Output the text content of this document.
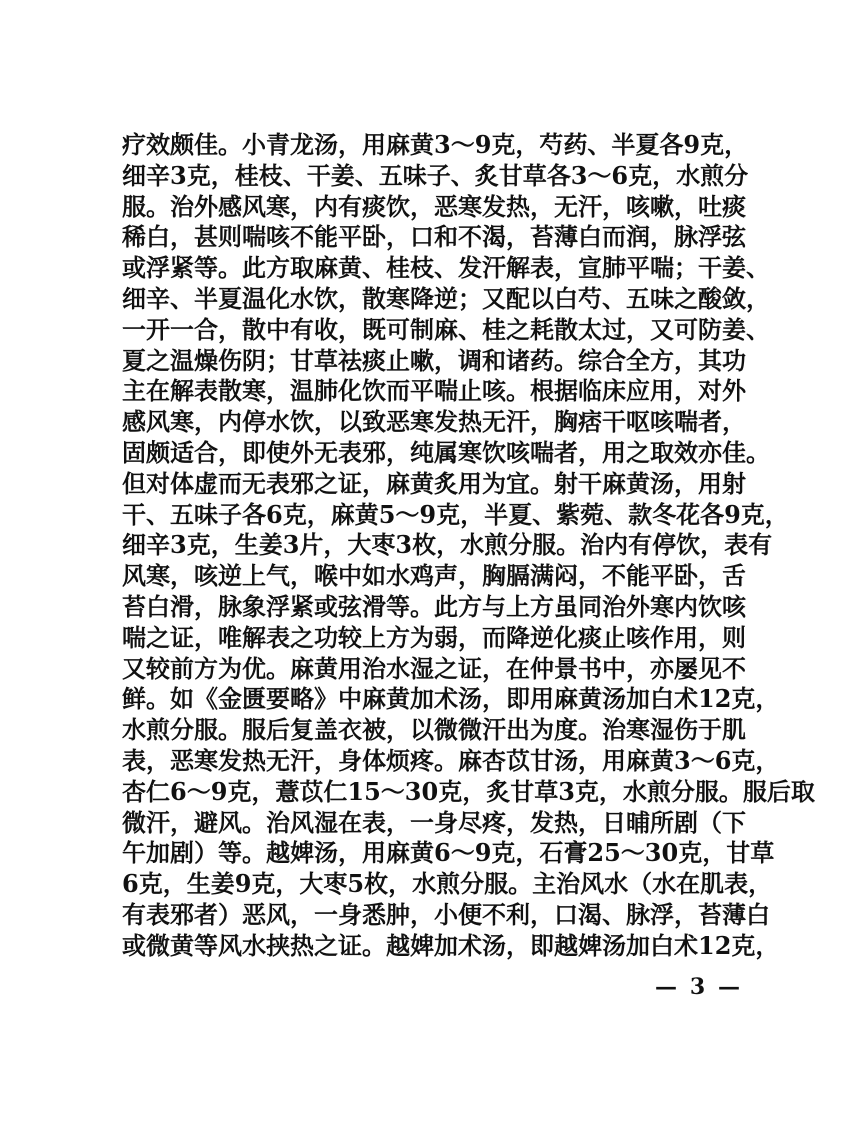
疗效颇佳。小青龙汤，用麻黄3～9克，芍药、半夏各9克，
细辛3克，桂枝、干姜、五味子、炙甘草各3～6克，水煎分
服。治外感风寒，内有痰饮，恶寒发热，无汗，咳嗽，吐痰
稀白，甚则喘咳不能平卧，口和不渴，苔薄白而润，脉浮弦
或浮紧等。此方取麻黄、桂枝、发汗解表，宣肺平喘；干姜、
细辛、半夏温化水饮，散寒降逆；又配以白芍、五味之酸敛，
一开一合，散中有收，既可制麻、桂之耗散太过，又可防姜、
夏之温燥伤阴；甘草祛痰止嗽，调和诸药。综合全方，其功
主在解表散寒，温肺化饮而平喘止咳。根据临床应用，对外
感风寒，内停水饮，以致恶寒发热无汗，胸痞干呕咳喘者，
固颇适合，即使外无表邪，纯属寒饮咳喘者，用之取效亦佳。
但对体虚而无表邪之证，麻黄炙用为宜。射干麻黄汤，用射
干、五味子各6克，麻黄5～9克，半夏、紫菀、款冬花各9克，
细辛3克，生姜3片，大枣3枚，水煎分服。治内有停饮，表有
风寒，咳逆上气，喉中如水鸡声，胸膈满闷，不能平卧，舌
苔白滑，脉象浮紧或弦滑等。此方与上方虽同治外寒内饮咳
喘之证，唯解表之功较上方为弱，而降逆化痰止咳作用，则
又较前方为优。麻黄用治水湿之证，在仲景书中，亦屡见不
鲜。如《金匮要略》中麻黄加术汤，即用麻黄汤加白术12克，
水煎分服。服后复盖衣被，以微微汗出为度。治寒湿伤于肌
表，恶寒发热无汗，身体烦疼。麻杏苡甘汤，用麻黄3～6克，
杏仁6～9克，薏苡仁15～30克，炙甘草3克，水煎分服。服后取
微汗，避风。治风湿在表，一身尽疼，发热，日晡所剧（下
午加剧）等。越婢汤，用麻黄6～9克，石膏25～30克，甘草
6克，生姜9克，大枣5枚，水煎分服。主治风水（水在肌表，
有表邪者）恶风，一身悉肿，小便不利，口渴、脉浮，苔薄白
或微黄等风水挟热之证。越婢加术汤，即越婢汤加白术12克，
— 3 —
